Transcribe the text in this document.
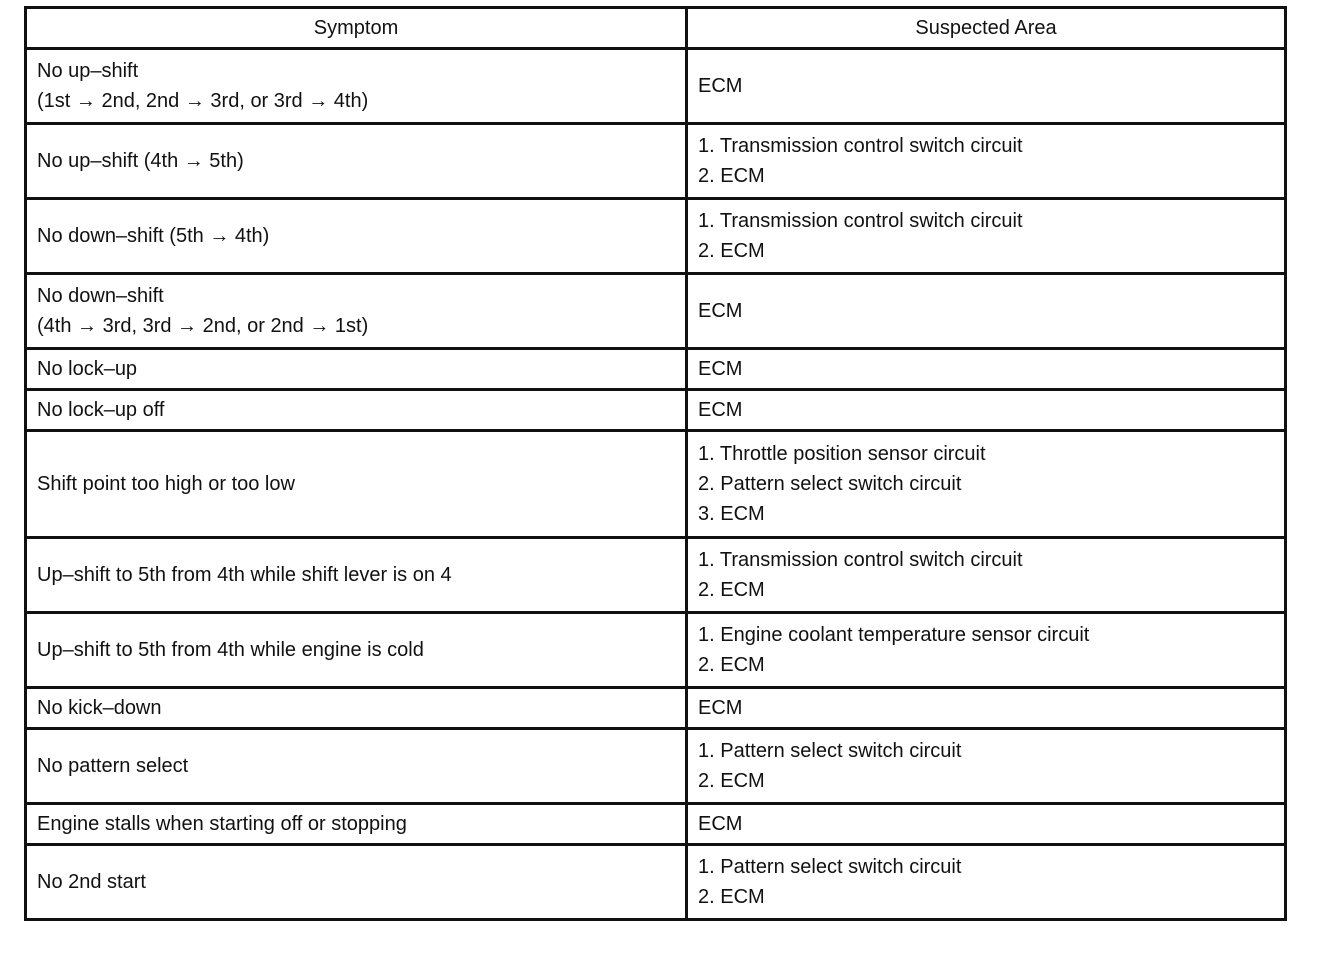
Symptom	Suspected Area

No up–shift
(1st → 2nd, 2nd → 3rd, or 3rd → 4th)	ECM

No up–shift (4th → 5th)	1. Transmission control switch circuit
2. ECM

No down–shift (5th → 4th)	1. Transmission control switch circuit
2. ECM

No down–shift
(4th → 3rd, 3rd → 2nd, or 2nd → 1st)	ECM

No lock–up	ECM

No lock–up off	ECM

Shift point too high or too low	1. Throttle position sensor circuit
2. Pattern select switch circuit
3. ECM

Up–shift to 5th from 4th while shift lever is on 4	1. Transmission control switch circuit
2. ECM

Up–shift to 5th from 4th while engine is cold	1. Engine coolant temperature sensor circuit
2. ECM

No kick–down	ECM

No pattern select	1. Pattern select switch circuit
2. ECM

Engine stalls when starting off or stopping	ECM

No 2nd start	1. Pattern select switch circuit
2. ECM
